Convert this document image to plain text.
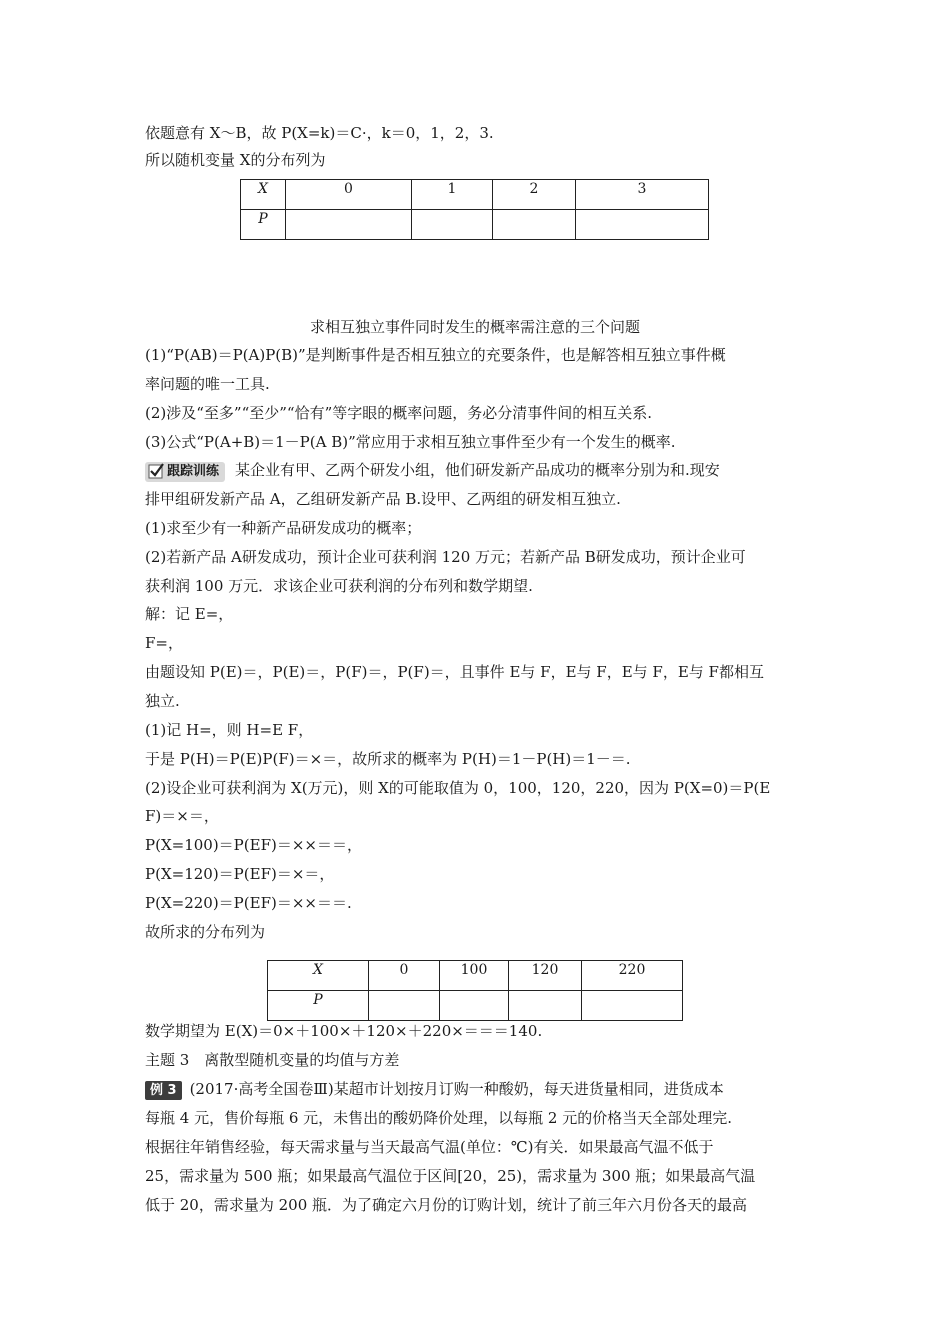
依题意有 X～B，故 P(X=k)＝C·，k＝0，1，2，3.
所以随机变量 X的分布列为
X	0	1	2	3
P				
求相互独立事件同时发生的概率需注意的三个问题
(1)“P(AB)＝P(A)P(B)”是判断事件是否相互独立的充要条件，也是解答相互独立事件概
率问题的唯一工具.
(2)涉及“至多”“至少”“恰有”等字眼的概率问题，务必分清事件间的相互关系.
(3)公式“P(A+B)＝1－P(A B)”常应用于求相互独立事件至少有一个发生的概率.
跟踪训练 某企业有甲、乙两个研发小组，他们研发新产品成功的概率分别为和.现安
排甲组研发新产品 A，乙组研发新产品 B.设甲、乙两组的研发相互独立.
(1)求至少有一种新产品研发成功的概率；
(2)若新产品 A研发成功，预计企业可获利润 120 万元；若新产品 B研发成功，预计企业可
获利润 100 万元．求该企业可获利润的分布列和数学期望.
解：记 E=，
F=，
由题设知 P(E)＝，P(E)＝，P(F)＝，P(F)＝，且事件 E与 F，E与 F，E与 F，E与 F都相互
独立.
(1)记 H=，则 H=E F，
于是 P(H)＝P(E)P(F)＝×＝，故所求的概率为 P(H)＝1－P(H)＝1－＝.
(2)设企业可获利润为 X(万元)，则 X的可能取值为 0，100，120，220，因为 P(X=0)＝P(E
F)＝×＝，
P(X=100)＝P(EF)＝××＝＝，
P(X=120)＝P(EF)＝×＝，
P(X=220)＝P(EF)＝××＝＝.
故所求的分布列为
X	0	100	120	220
P				
数学期望为 E(X)＝0×＋100×＋120×＋220×＝＝＝140.
主题 3　离散型随机变量的均值与方差
例 3 (2017·高考全国卷Ⅲ)某超市计划按月订购一种酸奶，每天进货量相同，进货成本
每瓶 4 元，售价每瓶 6 元，未售出的酸奶降价处理，以每瓶 2 元的价格当天全部处理完.
根据往年销售经验，每天需求量与当天最高气温(单位：℃)有关．如果最高气温不低于
25，需求量为 500 瓶；如果最高气温位于区间[20，25)，需求量为 300 瓶；如果最高气温
低于 20，需求量为 200 瓶．为了确定六月份的订购计划，统计了前三年六月份各天的最高
